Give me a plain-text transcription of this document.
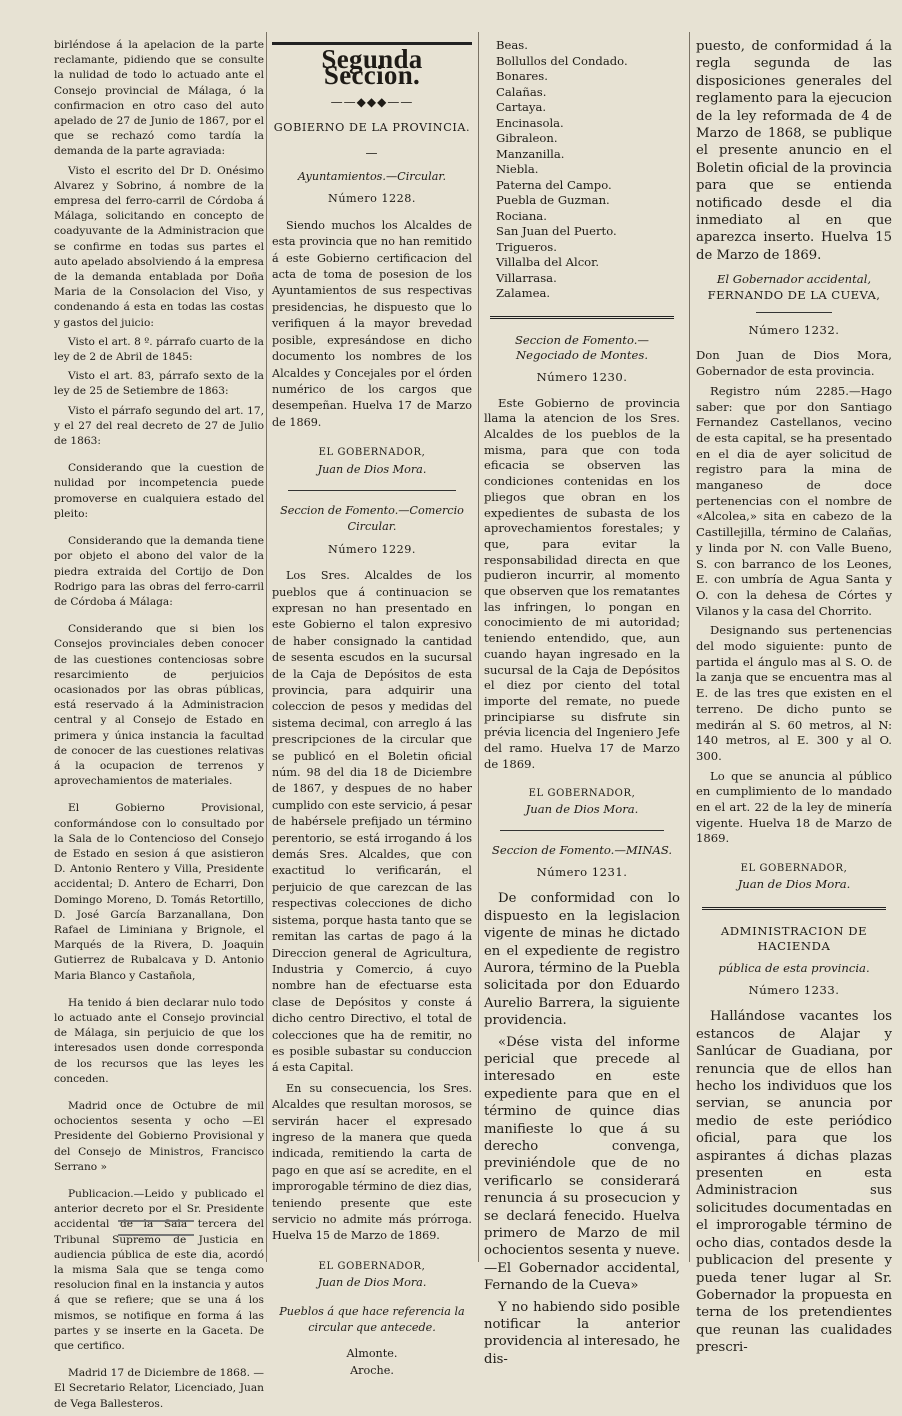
birléndose á la apelacion de la parte reclamante, pidiendo que se consulte la nulidad de todo lo actuado ante el Consejo provincial de Málaga, ó la confirmacion en otro caso del auto apelado de 27 de Junio de 1867, por el que se rechazó como tardía la demanda de la parte agraviada:

Visto el escrito del Dr D. Onésimo Alvarez y Sobrino, á nombre de la empresa del ferro-carril de Córdoba á Málaga, solicitando en concepto de coadyuvante de la Administracion que se confirme en todas sus partes el auto apelado absolviendo á la empresa de la demanda entablada por Doña Maria de la Consolacion del Viso, y condenando á esta en todas las costas y gastos del juicio:

Visto el art. 8 º. párrafo cuarto de la ley de 2 de Abril de 1845:

Visto el art. 83, párrafo sexto de la ley de 25 de Setiembre de 1863:

Visto el párrafo segundo del art. 17, y el 27 del real decreto de 27 de Julio de 1863:

Considerando que la cuestion de nulidad por incompetencia puede promoverse en cualquiera estado del pleito:

Considerando que la demanda tiene por objeto el abono del valor de la piedra extraida del Cortijo de Don Rodrigo para las obras del ferro-carril de Córdoba á Málaga:

Considerando que si bien los Consejos provinciales deben conocer de las cuestiones contenciosas sobre resarcimiento de perjuicios ocasionados por las obras públicas, está reservado á la Administracion central y al Consejo de Estado en primera y única instancia la facultad de conocer de las cuestiones relativas á la ocupacion de terrenos y aprovechamientos de materiales.

El Gobierno Provisional, conformándose con lo consultado por la Sala de lo Contencioso del Consejo de Estado en sesion á que asistieron D. Antonio Rentero y Villa, Presidente accidental; D. Antero de Echarri, Don Domingo Moreno, D. Tomás Retortillo, D. José García Barzanallana, Don Rafael de Liminiana y Brignole, el Marqués de la Rivera, D. Joaquin Gutierrez de Rubalcava y D. Antonio Maria Blanco y Castañola,

Ha tenido á bien declarar nulo todo lo actuado ante el Consejo provincial de Málaga, sin perjuicio de que los interesados usen donde corresponda de los recursos que las leyes les conceden.

Madrid once de Octubre de mil ochocientos sesenta y ocho —El Presidente del Gobierno Provisional y del Consejo de Ministros, Francisco Serrano »

Publicacion.—Leido y publicado el anterior decreto por el Sr. Presidente accidental de la Sala tercera del Tribunal Supremo de Justicia en audiencia pública de este dia, acordó la misma Sala que se tenga como resolucion final en la instancia y autos á que se refiere; que se una á los mismos, se notifique en forma á las partes y se inserte en la Gaceta. De que certifico.

Madrid 17 de Diciembre de 1868. —El Secretario Relator, Licenciado, Juan de Vega Ballesteros.

Segunda Seccion.
——◆◆◆——
GOBIERNO DE LA PROVINCIA.
—
Ayuntamientos.—Circular.
Número 1228.

Siendo muchos los Alcaldes de esta provincia que no han remitido á este Gobierno certificacion del acta de toma de posesion de los Ayuntamientos de sus respectivas presidencias, he dispuesto que lo verifiquen á la mayor brevedad posible, expresándose en dicho documento los nombres de los Alcaldes y Concejales por el órden numérico de los cargos que desempeñan. Huelva 17 de Marzo de 1869.

EL GOBERNADOR,
Juan de Dios Mora.
Seccion de Fomento.—Comercio Circular.
Número 1229.

Los Sres. Alcaldes de los pueblos que á continuacion se expresan no han presentado en este Gobierno el talon expresivo de haber consignado la cantidad de sesenta escudos en la sucursal de la Caja de Depósitos de esta provincia, para adquirir una coleccion de pesos y medidas del sistema decimal, con arreglo á las prescripciones de la circular que se publicó en el Boletin oficial núm. 98 del dia 18 de Diciembre de 1867, y despues de no haber cumplido con este servicio, á pesar de habérsele prefijado un término perentorio, se está irrogando á los demás Sres. Alcaldes, que con exactitud lo verificarán, el perjuicio de que carezcan de las respectivas colecciones de dicho sistema, porque hasta tanto que se remitan las cartas de pago á la Direccion general de Agricultura, Industria y Comercio, á cuyo nombre han de efectuarse esta clase de Depósitos y conste á dicho centro Directivo, el total de colecciones que ha de remitir, no es posible subastar su conduccion á esta Capital.

En su consecuencia, los Sres. Alcaldes que resultan morosos, se servirán hacer el expresado ingreso de la manera que queda indicada, remitiendo la carta de pago en que así se acredite, en el improrogable término de diez dias, teniendo presente que este servicio no admite más prórroga. Huelva 15 de Marzo de 1869.

EL GOBERNADOR,
Juan de Dios Mora.
Pueblos á que hace referencia la circular que antecede.
Almonte.
Aroche.
Beas.
Bollullos del Condado.
Bonares.
Calañas.
Cartaya.
Encinasola.
Gibraleon.
Manzanilla.
Niebla.
Paterna del Campo.
Puebla de Guzman.
Rociana.
San Juan del Puerto.
Trigueros.
Villalba del Alcor.
Villarrasa.
Zalamea.
Seccion de Fomento.—Negociado de Montes.
Número 1230.

Este Gobierno de provincia llama la atencion de los Sres. Alcaldes de los pueblos de la misma, para que con toda eficacia se observen las condiciones contenidas en los pliegos que obran en los expedientes de subasta de los aprovechamientos forestales; y que, para evitar la responsabilidad directa en que pudieron incurrir, al momento que observen que los rematantes las infringen, lo pongan en conocimiento de mi autoridad; teniendo entendido, que, aun cuando hayan ingresado en la sucursal de la Caja de Depósitos el diez por ciento del total importe del remate, no puede principiarse su disfrute sin prévia licencia del Ingeniero Jefe del ramo. Huelva 17 de Marzo de 1869.

EL GOBERNADOR,
Juan de Dios Mora.
Seccion de Fomento.—MINAS.
Número 1231.

De conformidad con lo dispuesto en la legislacion vigente de minas he dictado en el expediente de registro Aurora, término de la Puebla solicitada por don Eduardo Aurelio Barrera, la siguiente providencia.

«Dése vista del informe pericial que precede al interesado en este expediente para que en el término de quince dias manifieste lo que á su derecho convenga, previniéndole que de no verificarlo se considerará renuncia á su prosecucion y se declará fenecido. Huelva primero de Marzo de mil ochocientos sesenta y nueve.—El Gobernador accidental, Fernando de la Cueva»

Y no habiendo sido posible notificar la anterior providencia al interesado, he dis-

puesto, de conformidad á la regla segunda de las disposiciones generales del reglamento para la ejecucion de la ley reformada de 4 de Marzo de 1868, se publique el presente anuncio en el Boletin oficial de la provincia para que se entienda notificado desde el dia inmediato al en que aparezca inserto. Huelva 15 de Marzo de 1869.

El Gobernador accidental,
FERNANDO DE LA CUEVA,
Número 1232.

Don Juan de Dios Mora, Gobernador de esta provincia.

Registro núm 2285.—Hago saber: que por don Santiago Fernandez Castellanos, vecino de esta capital, se ha presentado en el dia de ayer solicitud de registro para la mina de manganeso de doce pertenencias con el nombre de «Alcolea,» sita en cabezo de la Castillejilla, término de Calañas, y linda por N. con Valle Bueno, S. con barranco de los Leones, E. con umbría de Agua Santa y O. con la dehesa de Córtes y Vilanos y la casa del Chorrito.

Designando sus pertenencias del modo siguiente: punto de partida el ángulo mas al S. O. de la zanja que se encuentra mas al E. de las tres que existen en el terreno. De dicho punto se medirán al S. 60 metros, al N: 140 metros, al E. 300 y al O. 300.

Lo que se anuncia al público en cumplimiento de lo mandado en el art. 22 de la ley de minería vigente. Huelva 18 de Marzo de 1869.

EL GOBERNADOR,
Juan de Dios Mora.
ADMINISTRACION DE HACIENDA
pública de esta provincia.
Número 1233.

Hallándose vacantes los estancos de Alajar y Sanlúcar de Guadiana, por renuncia que de ellos han hecho los individuos que los servian, se anuncia por medio de este periódico oficial, para que los aspirantes á dichas plazas presenten en esta Administracion sus solicitudes documentadas en el improrogable término de ocho dias, contados desde la publicacion del presente y pueda tener lugar al Sr. Gobernador la propuesta en terna de los pretendientes que reunan las cualidades prescri-
